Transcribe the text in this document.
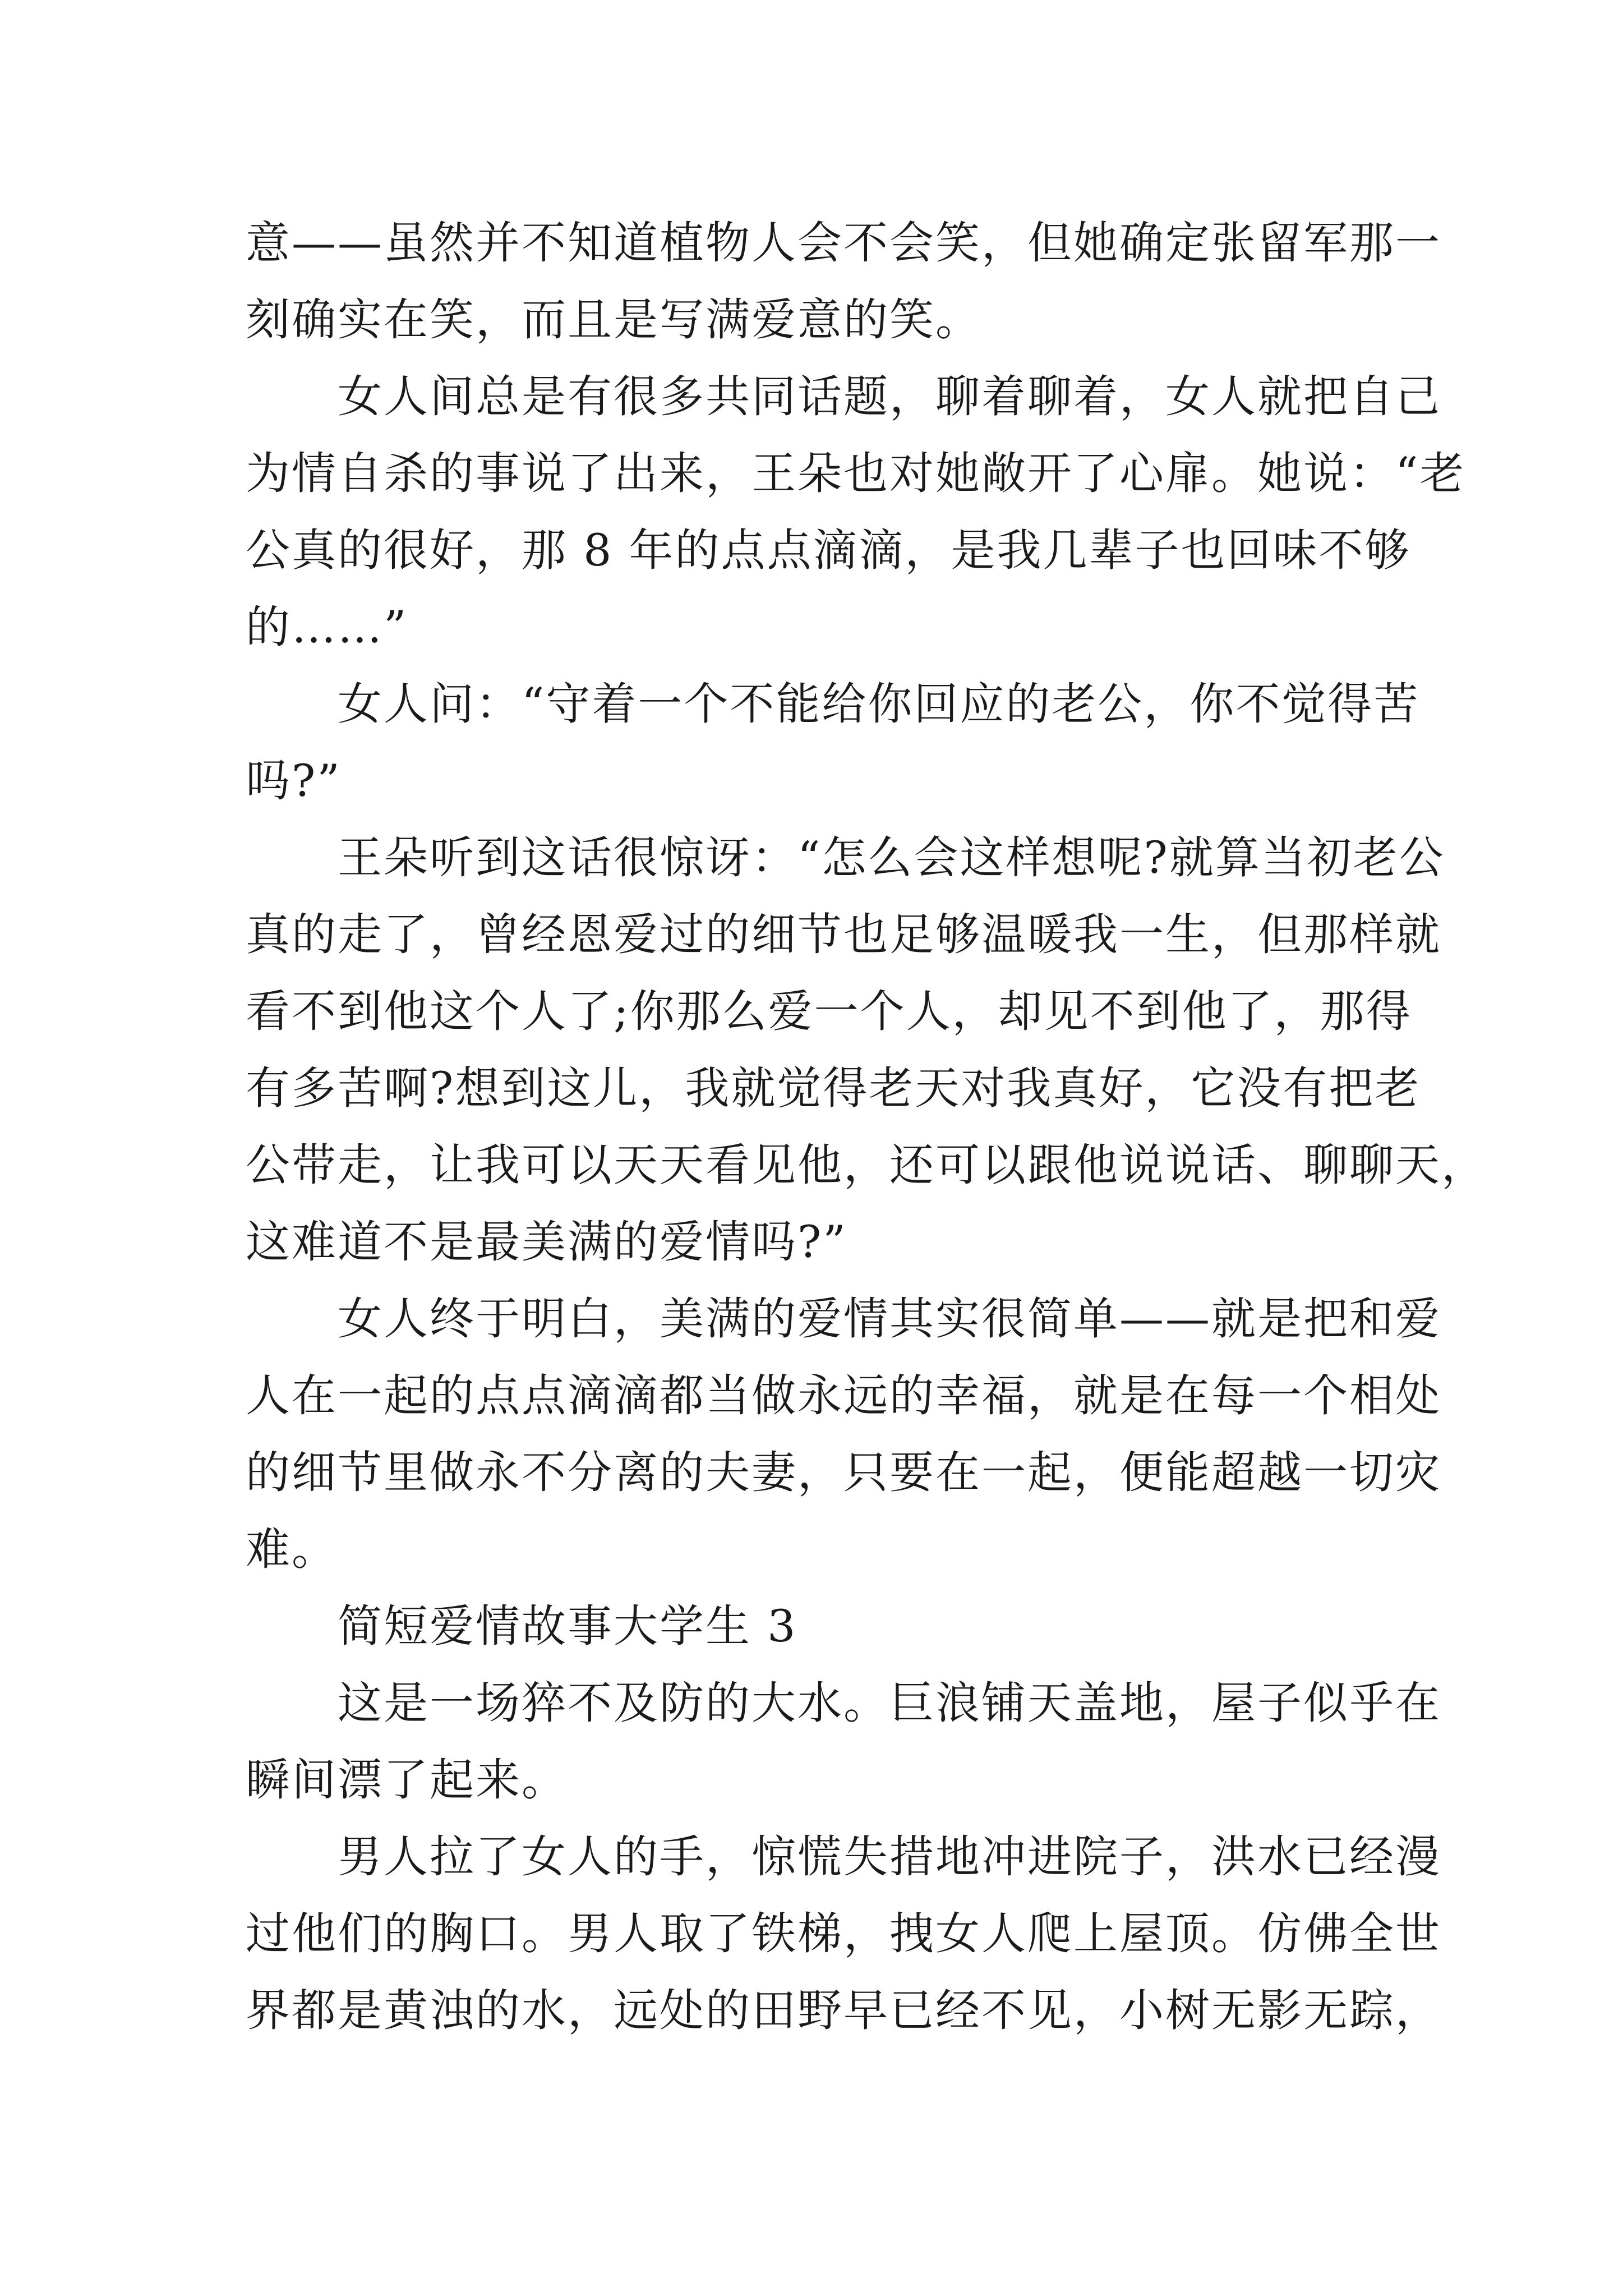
意——虽然并不知道植物人会不会笑，但她确定张留军那一
刻确实在笑，而且是写满爱意的笑。
女人间总是有很多共同话题，聊着聊着，女人就把自己
为情自杀的事说了出来，王朵也对她敞开了心扉。她说：“老
公真的很好，那 8 年的点点滴滴，是我几辈子也回味不够
的……”
女人问：“守着一个不能给你回应的老公，你不觉得苦
吗?”
王朵听到这话很惊讶：“怎么会这样想呢?就算当初老公
真的走了，曾经恩爱过的细节也足够温暖我一生，但那样就
看不到他这个人了;你那么爱一个人，却见不到他了，那得
有多苦啊?想到这儿，我就觉得老天对我真好，它没有把老
公带走，让我可以天天看见他，还可以跟他说说话、聊聊天，
这难道不是最美满的爱情吗?”
女人终于明白，美满的爱情其实很简单——就是把和爱
人在一起的点点滴滴都当做永远的幸福，就是在每一个相处
的细节里做永不分离的夫妻，只要在一起，便能超越一切灾
难。
简短爱情故事大学生 3
这是一场猝不及防的大水。巨浪铺天盖地，屋子似乎在
瞬间漂了起来。
男人拉了女人的手，惊慌失措地冲进院子，洪水已经漫
过他们的胸口。男人取了铁梯，拽女人爬上屋顶。仿佛全世
界都是黄浊的水，远处的田野早已经不见，小树无影无踪，
